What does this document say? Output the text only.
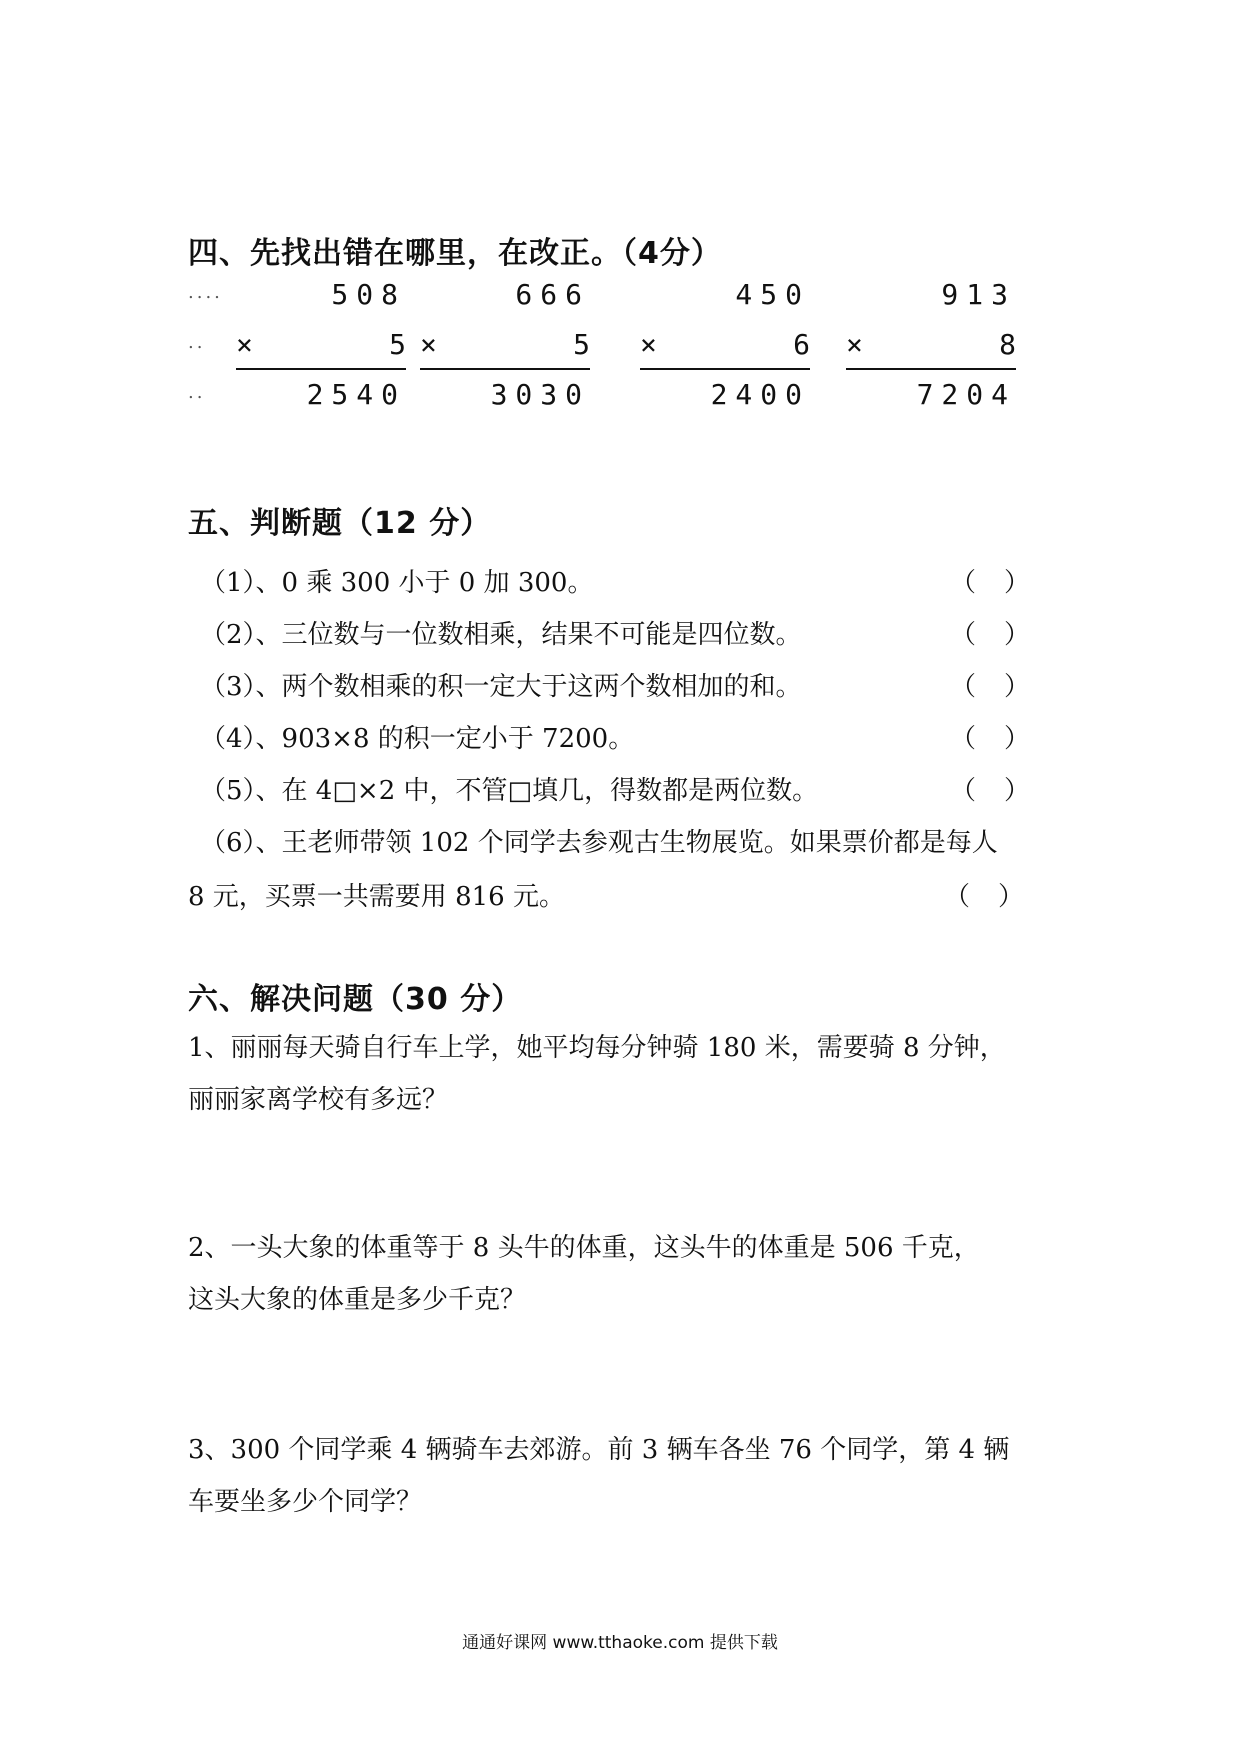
四、先找出错在哪里，在改正。（4分）
....
..
..
508
×	5
2540
666
×	5
3030
450
×	6
2400
913
×	8
7204
五、判断题（12 分）
（1）、0 乘 300 小于 0 加 300。	（ ）
（2）、三位数与一位数相乘，结果不可能是四位数。	（ ）
（3）、两个数相乘的积一定大于这两个数相加的和。	（ ）
（4）、903×8 的积一定小于 7200。	（ ）
（5）、在 4□×2 中，不管□填几，得数都是两位数。	（ ）
（6）、王老师带领 102 个同学去参观古生物展览。如果票价都是每人
8 元，买票一共需要用 816 元。	（ ）
六、解决问题（30 分）
1、丽丽每天骑自行车上学，她平均每分钟骑 180 米，需要骑 8 分钟，
丽丽家离学校有多远？
2、一头大象的体重等于 8 头牛的体重，这头牛的体重是 506 千克，
这头大象的体重是多少千克？
3、300 个同学乘 4 辆骑车去郊游。前 3 辆车各坐 76 个同学，第 4 辆
车要坐多少个同学？
通通好课网 www.tthaoke.com 提供下载
